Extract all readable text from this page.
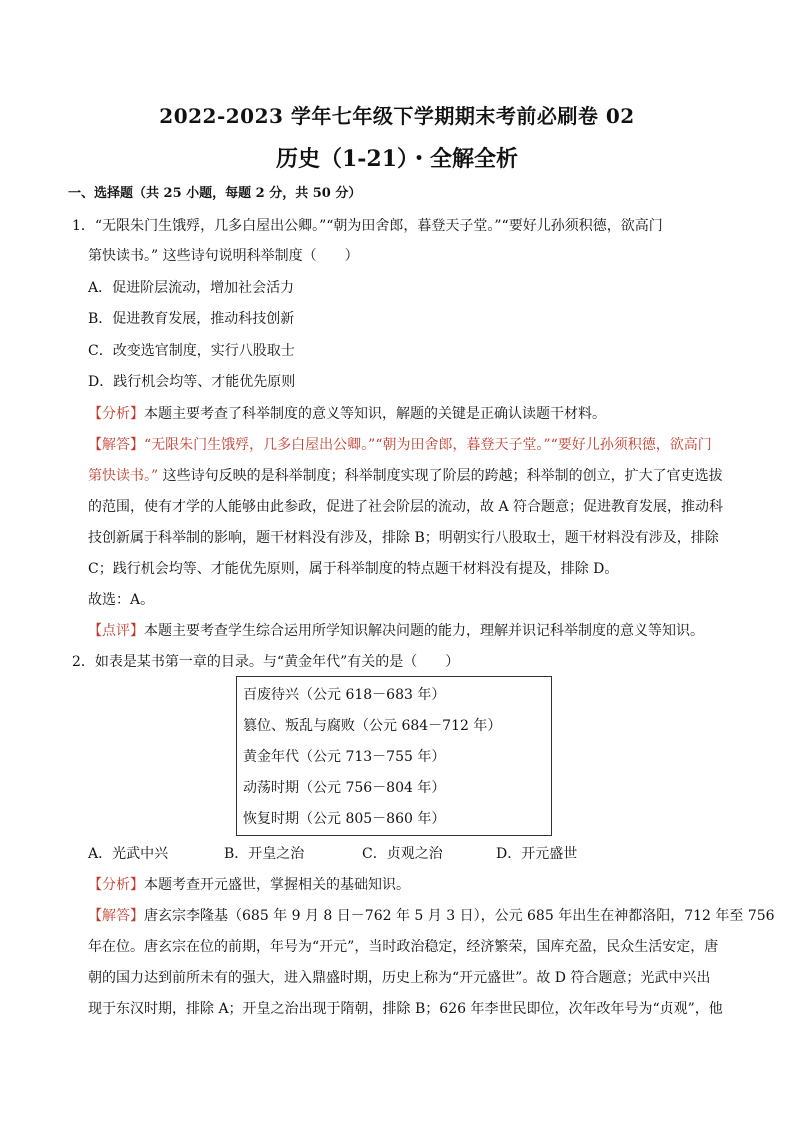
2022-2023 学年七年级下学期期末考前必刷卷 02
历史（1-21）・全解全析
一、选择题（共 25 小题，每题 2 分，共 50 分）
1．“无限朱门生饿殍，几多白屋出公卿。”“朝为田舍郎，暮登天子堂。”“要好儿孙须积德，欲高门
第快读书。” 这些诗句说明科举制度（　　）
A．促进阶层流动，增加社会活力
B．促进教育发展，推动科技创新
C．改变选官制度，实行八股取士
D．践行机会均等、才能优先原则
【分析】本题主要考查了科举制度的意义等知识，解题的关键是正确认读题干材料。
【解答】“无限朱门生饿殍，几多白屋出公卿。”“朝为田舍郎，暮登天子堂。”“要好儿孙须积德，欲高门
第快读书。” 这些诗句反映的是科举制度；科举制度实现了阶层的跨越；科举制的创立，扩大了官吏选拔
的范围，使有才学的人能够由此参政，促进了社会阶层的流动，故 A 符合题意；促进教育发展，推动科
技创新属于科举制的影响，题干材料没有涉及，排除 B；明朝实行八股取士，题干材料没有涉及，排除
C；践行机会均等、才能优先原则，属于科举制度的特点题干材料没有提及，排除 D。
故选：A。
【点评】本题主要考查学生综合运用所学知识解决问题的能力，理解并识记科举制度的意义等知识。
2．如表是某书第一章的目录。与“黄金年代”有关的是（　　）
百废待兴（公元 618－683 年）
篡位、叛乱与腐败（公元 684－712 年）
黄金年代（公元 713－755 年）
动荡时期（公元 756－804 年）
恢复时期（公元 805－860 年）
A．光武中兴	B．开皇之治	C．贞观之治	D．开元盛世
【分析】本题考查开元盛世，掌握相关的基础知识。
【解答】唐玄宗李隆基（685 年 9 月 8 日－762 年 5 月 3 日），公元 685 年出生在神都洛阳，712 年至 756
年在位。唐玄宗在位的前期，年号为“开元”，当时政治稳定，经济繁荣，国库充盈，民众生活安定，唐
朝的国力达到前所未有的强大，进入鼎盛时期，历史上称为“开元盛世”。故 D 符合题意；光武中兴出
现于东汉时期，排除 A；开皇之治出现于隋朝，排除 B；626 年李世民即位，次年改年号为“贞观”，他
